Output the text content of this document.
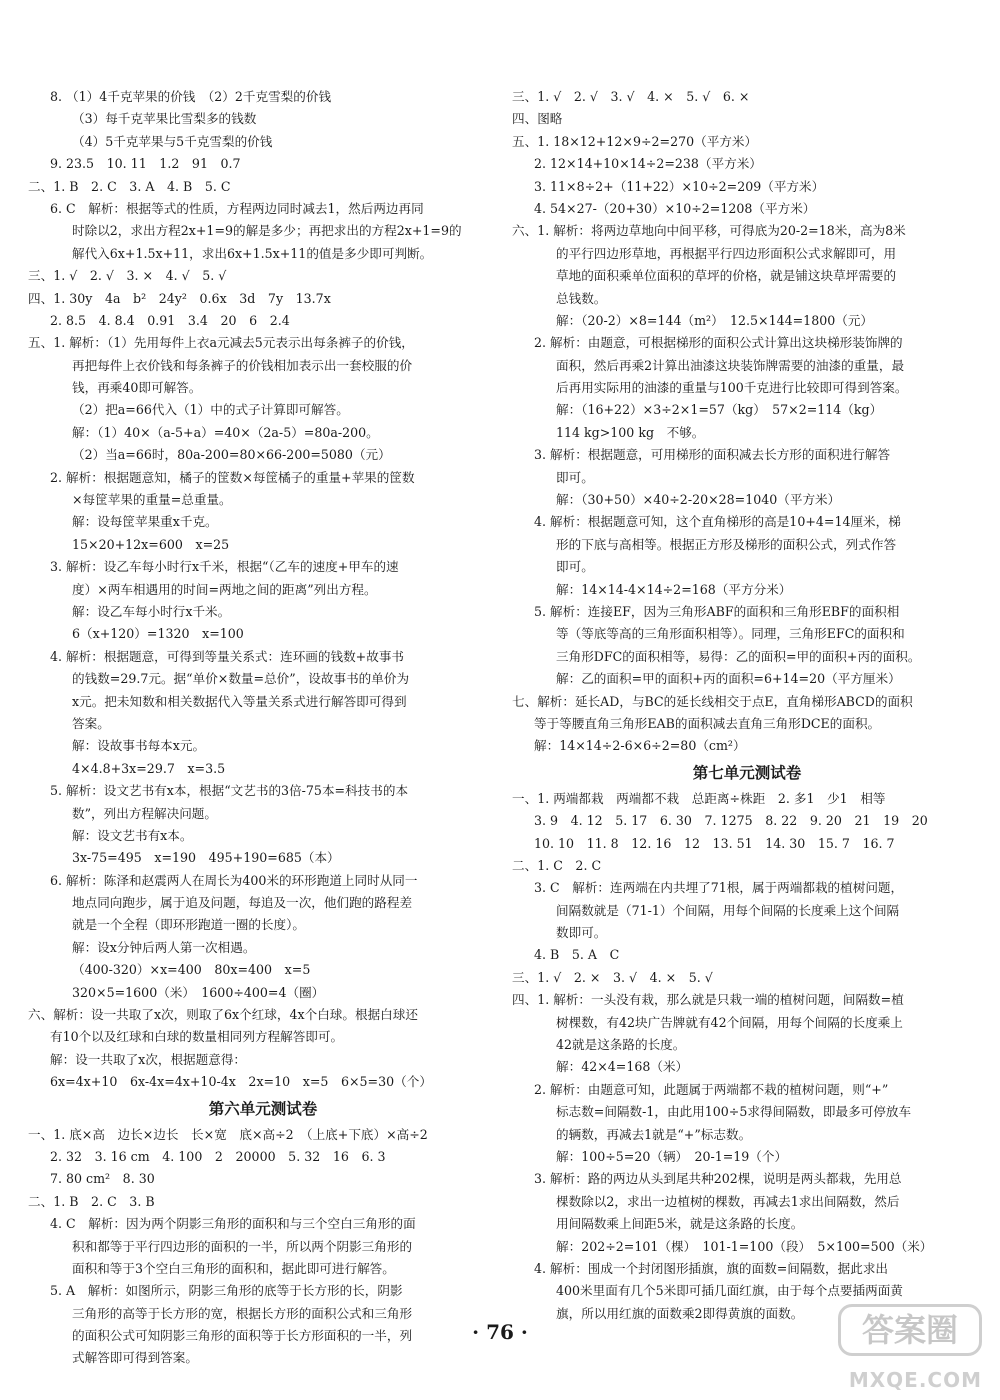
8. （1）4千克苹果的价钱　（2）2千克雪梨的价钱
（3）每千克苹果比雪梨多的钱数
（4）5千克苹果与5千克雪梨的价钱
9. 23.5　10. 11　1.2　91　0.7
二、1. B　2. C　3. A　4. B　5. C
6. C　解析：根据等式的性质，方程两边同时减去1，然后两边再同
时除以2，求出方程2x+1=9的解是多少；再把求出的方程2x+1=9的
解代入6x+1.5x+11，求出6x+1.5x+11的值是多少即可判断。
三、1. √　2. √　3. ×　4. √　5. √
四、1. 30y　4a　b²　24y²　0.6x　3d　7y　13.7x
2. 8.5　4. 8.4　0.91　3.4　20　6　2.4
五、1. 解析：（1）先用每件上衣a元减去5元表示出每条裤子的价钱，
再把每件上衣价钱和每条裤子的价钱相加表示出一套校服的价
钱，再乘40即可解答。
（2）把a=66代入（1）中的式子计算即可解答。
解：（1）40×（a-5+a）=40×（2a-5）=80a-200。
（2）当a=66时，80a-200=80×66-200=5080（元）
2. 解析：根据题意知，橘子的筐数×每筐橘子的重量+苹果的筐数
×每筐苹果的重量=总重量。
解：设每筐苹果重x千克。
15×20+12x=600　x=25
3. 解析：设乙车每小时行x千米，根据“（乙车的速度+甲车的速
度）×两车相遇用的时间=两地之间的距离”列出方程。
解：设乙车每小时行x千米。
6（x+120）=1320　x=100
4. 解析：根据题意，可得到等量关系式：连环画的钱数+故事书
的钱数=29.7元。据“单价×数量=总价”，设故事书的单价为
x元。把未知数和相关数据代入等量关系式进行解答即可得到
答案。
解：设故事书每本x元。
4×4.8+3x=29.7　x=3.5
5. 解析：设文艺书有x本，根据“文艺书的3倍-75本=科技书的本
数”，列出方程解决问题。
解：设文艺书有x本。
3x-75=495　x=190　495+190=685（本）
6. 解析：陈泽和赵震两人在周长为400米的环形跑道上同时从同一
地点同向跑步，属于追及问题，每追及一次，他们跑的路程差
就是一个全程（即环形跑道一圈的长度）。
解：设x分钟后两人第一次相遇。
（400-320）×x=400　80x=400　x=5
320×5=1600（米）　1600÷400=4（圈）
六、解析：设一共取了x次，则取了6x个红球，4x个白球。根据白球还
有10个以及红球和白球的数量相同列方程解答即可。
解：设一共取了x次，根据题意得：
6x=4x+10　6x-4x=4x+10-4x　2x=10　x=5　6×5=30（个）
第六单元测试卷
一、1. 底×高　边长×边长　长×宽　底×高÷2　（上底+下底）×高÷2
2. 32　3. 16 cm　4. 100　2　20000　5. 32　16　6. 3
7. 80 cm²　8. 30
二、1. B　2. C　3. B
4. C　解析：因为两个阴影三角形的面积和与三个空白三角形的面
积和都等于平行四边形的面积的一半，所以两个阴影三角形的
面积和等于3个空白三角形的面积和，据此即可进行解答。
5. A　解析：如图所示，阴影三角形的底等于长方形的长，阴影
三角形的高等于长方形的宽，根据长方形的面积公式和三角形
的面积公式可知阴影三角形的面积等于长方形面积的一半，列
式解答即可得到答案。
三、1. √　2. √　3. √　4. ×　5. √　6. ×
四、图略
五、1. 18×12+12×9÷2=270（平方米）
2. 12×14+10×14÷2=238（平方米）
3. 11×8÷2+（11+22）×10÷2=209（平方米）
4. 54×27-（20+30）×10÷2=1208（平方米）
六、1. 解析：将两边草地向中间平移，可得底为20-2=18米，高为8米
的平行四边形草地，再根据平行四边形面积公式求解即可，用
草地的面积乘单位面积的草坪的价格，就是铺这块草坪需要的
总钱数。
解：（20-2）×8=144（m²）　12.5×144=1800（元）
2. 解析：由题意，可根据梯形的面积公式计算出这块梯形装饰牌的
面积，然后再乘2计算出油漆这块装饰牌需要的油漆的重量，最
后再用实际用的油漆的重量与100千克进行比较即可得到答案。
解：（16+22）×3÷2×1=57（kg）　57×2=114（kg）
114 kg>100 kg　不够。
3. 解析：根据题意，可用梯形的面积减去长方形的面积进行解答
即可。
解：（30+50）×40÷2-20×28=1040（平方米）
4. 解析：根据题意可知，这个直角梯形的高是10+4=14厘米，梯
形的下底与高相等。根据正方形及梯形的面积公式，列式作答
即可。
解：14×14-4×14÷2=168（平方分米）
5. 解析：连接EF，因为三角形ABF的面积和三角形EBF的面积相
等（等底等高的三角形面积相等）。同理，三角形EFC的面积和
三角形DFC的面积相等，易得：乙的面积=甲的面积+丙的面积。
解：乙的面积=甲的面积+丙的面积=6+14=20（平方厘米）
七、解析：延长AD，与BC的延长线相交于点E，直角梯形ABCD的面积
等于等腰直角三角形EAB的面积减去直角三角形DCE的面积。
解：14×14÷2-6×6÷2=80（cm²）
第七单元测试卷
一、1. 两端都栽　两端都不栽　总距离÷株距　2. 多1　少1　相等
3. 9　4. 12　5. 17　6. 30　7. 1275　8. 22　9. 20　21　19　20
10. 10　11. 8　12. 16　12　13. 51　14. 30　15. 7　16. 7
二、1. C　2. C
3. C　解析：连两端在内共埋了71根，属于两端都栽的植树问题，
间隔数就是（71-1）个间隔，用每个间隔的长度乘上这个间隔
数即可。
4. B　5. A　C
三、1. √　2. ×　3. √　4. ×　5. √
四、1. 解析：一头没有栽，那么就是只栽一端的植树问题，间隔数=植
树棵数，有42块广告牌就有42个间隔，用每个间隔的长度乘上
42就是这条路的长度。
解：42×4=168（米）
2. 解析：由题意可知，此题属于两端都不栽的植树问题，则“+”
标志数=间隔数-1，由此用100÷5求得间隔数，即最多可停放车
的辆数，再减去1就是“+”标志数。
解：100÷5=20（辆）　20-1=19（个）
3. 解析：路的两边从头到尾共种202棵，说明是两头都栽，先用总
棵数除以2，求出一边植树的棵数，再减去1求出间隔数，然后
用间隔数乘上间距5米，就是这条路的长度。
解：202÷2=101（棵）　101-1=100（段）　5×100=500（米）
4. 解析：围成一个封闭图形插旗，旗的面数=间隔数，据此求出
400米里面有几个5米即可插几面红旗，由于每个点要插两面黄
旗，所以用红旗的面数乘2即得黄旗的面数。
· 76 ·	答案圈
MXQE.COM
